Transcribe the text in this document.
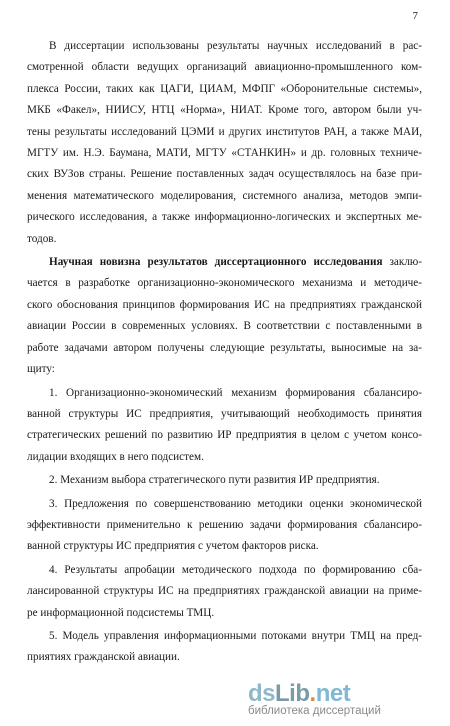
7
В диссертации использованы результаты научных исследований в рас-
смотренной области ведущих организаций авиационно-промышленного ком-
плекса России, таких как ЦАГИ, ЦИАМ, МФПГ «Оборонительные системы»,
МКБ «Факел», НИИСУ, НТЦ «Норма», НИАТ. Кроме того, автором были уч-
тены результаты исследований ЦЭМИ и других институтов РАН, а также МАИ,
МГТУ им. Н.Э. Баумана, МАТИ, МГТУ «СТАНКИН» и др. головных техниче-
ских ВУЗов страны. Решение поставленных задач осуществлялось на базе при-
менения математического моделирования, системного анализа, методов эмпи-
рического исследования, а также информационно-логических и экспертных ме-
тодов.
Научная новизна результатов диссертационного исследования заклю-
чается в разработке организационно-экономического механизма и методиче-
ского обоснования принципов формирования ИС на предприятиях гражданской
авиации России в современных условиях. В соответствии с поставленными в
работе задачами автором получены следующие результаты, выносимые на за-
щиту:
1. Организационно-экономический механизм формирования сбалансиро-
ванной структуры ИС предприятия, учитывающий необходимость принятия
стратегических решений по развитию ИР предприятия в целом с учетом консо-
лидации входящих в него подсистем.
2. Механизм выбора стратегического пути развития ИР предприятия.
3. Предложения по совершенствованию методики оценки экономической
эффективности применительно к решению задачи формирования сбалансиро-
ванной структуры ИС предприятия с учетом факторов риска.
4. Результаты апробации методического подхода по формированию сба-
лансированной структуры ИС на предприятиях гражданской авиации на приме-
ре информационной подсистемы ТМЦ.
5. Модель управления информационными потоками внутри ТМЦ на пред-
приятиях гражданской авиации.
dsLib.net
библиотека диссертаций
